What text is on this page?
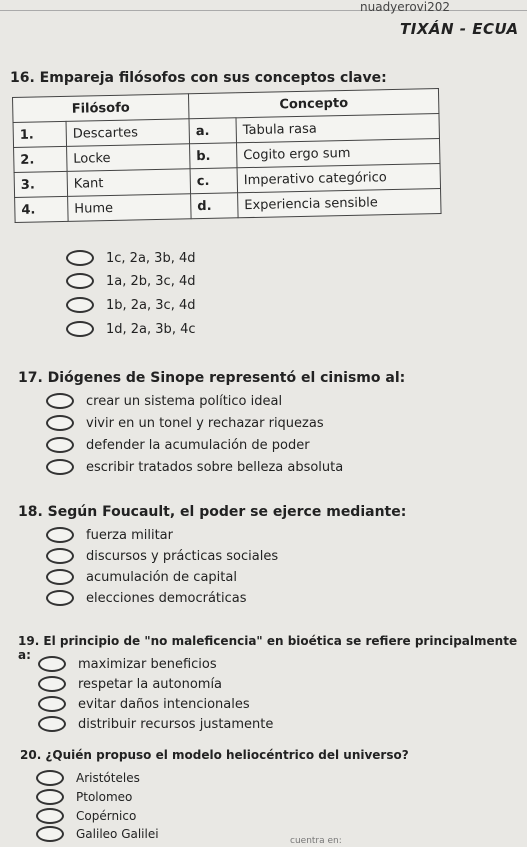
nuadyerovi202
TIXÁN - ECUA
16. Empareja filósofos con sus conceptos clave:
Filósofo		Concepto	
1.	Descartes	a.	Tabula rasa
2.	Locke	b.	Cogito ergo sum
3.	Kant	c.	Imperativo categórico
4.	Hume	d.	Experiencia sensible
1c, 2a, 3b, 4d
1a, 2b, 3c, 4d
1b, 2a, 3c, 4d
1d, 2a, 3b, 4c
17. Diógenes de Sinope representó el cinismo al:
crear un sistema político ideal
vivir en un tonel y rechazar riquezas
defender la acumulación de poder
escribir tratados sobre belleza absoluta
18. Según Foucault, el poder se ejerce mediante:
fuerza militar
discursos y prácticas sociales
acumulación de capital
elecciones democráticas
19. El principio de "no maleficencia" en bioética se refiere principalmente a:
maximizar beneficios
respetar la autonomía
evitar daños intencionales
distribuir recursos justamente
20. ¿Quién propuso el modelo heliocéntrico del universo?
Aristóteles
Ptolomeo
Copérnico
Galileo Galilei	cuentra en:
